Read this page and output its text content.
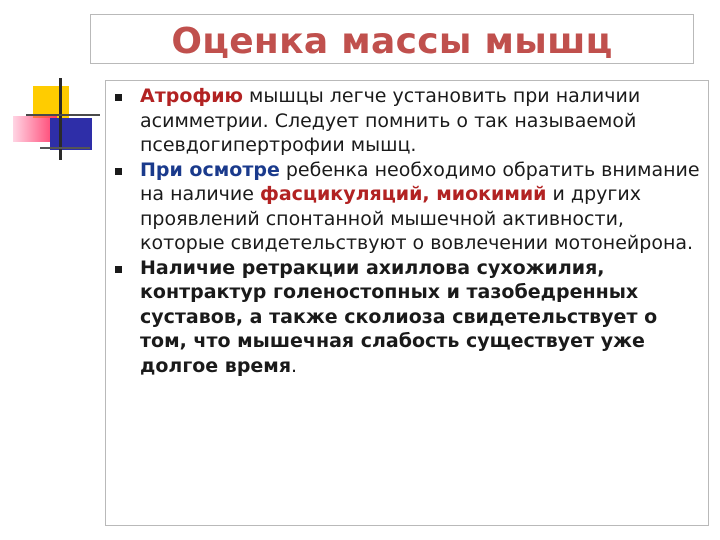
Оценка массы мышц
Атрофию мышцы легче установить при наличии асимметрии. Следует помнить о так называемой псевдогипертрофии мышц.
При осмотре ребенка необходимо обратить внимание на наличие фасцикуляций, миокимий и других проявлений спонтанной мышечной активности, которые свидетельствуют о вовлечении мотонейрона.
Наличие ретракции ахиллова сухожилия, контрактур голеностопных и тазобедренных суставов, а также сколиоза свидетельствует о том, что мышечная слабость существует уже долгое время.
